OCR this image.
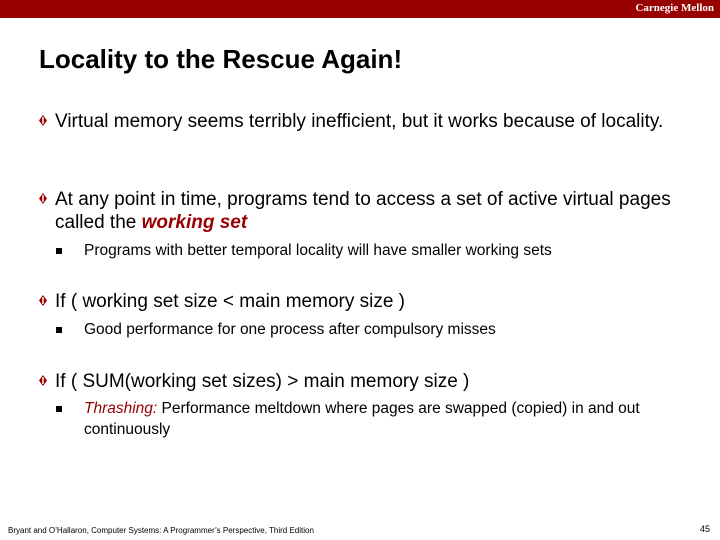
Carnegie Mellon
Locality to the Rescue Again!
Virtual memory seems terribly inefficient, but it works because of locality.
At any point in time, programs tend to access a set of active virtual pages called the working set
Programs with better temporal locality will have smaller working sets
If ( working set size < main memory size )
Good performance for one process after compulsory misses
If ( SUM(working set sizes) > main memory size )
Thrashing: Performance meltdown where pages are swapped (copied) in and out continuously
Bryant and O’Hallaron, Computer Systems: A Programmer’s Perspective, Third Edition	45
